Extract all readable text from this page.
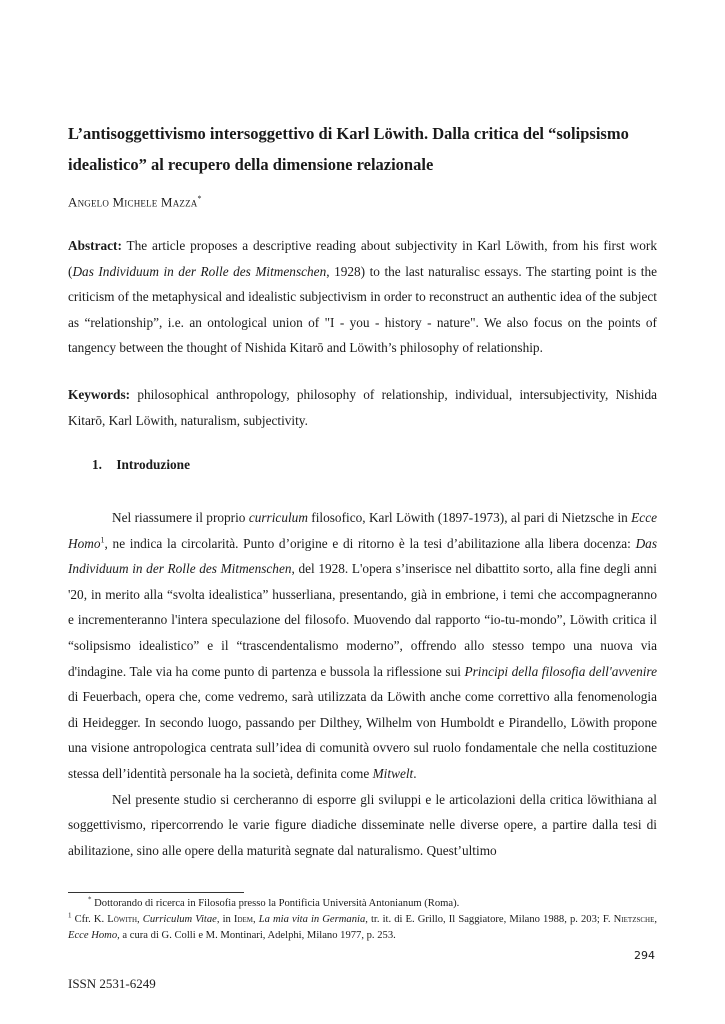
L’antisoggettivismo intersoggettivo di Karl Löwith. Dalla critica del “solipsismo idealistico” al recupero della dimensione relazionale
Angelo Michele Mazza*

Abstract: The article proposes a descriptive reading about subjectivity in Karl Löwith, from his first work (Das Individuum in der Rolle des Mitmenschen, 1928) to the last naturalisc essays. The starting point is the criticism of the metaphysical and idealistic subjectivism in order to reconstruct an authentic idea of the subject as “relationship”, i.e. an ontological union of "I - you - history - nature". We also focus on the points of tangency between the thought of Nishida Kitarō and Löwith’s philosophy of relationship.

Keywords: philosophical anthropology, philosophy of relationship, individual, intersubjectivity, Nishida Kitarō, Karl Löwith, naturalism, subjectivity.

1. Introduzione

Nel riassumere il proprio curriculum filosofico, Karl Löwith (1897-1973), al pari di Nietzsche in Ecce Homo$^1$, ne indica la circolarità. Punto d’origine e di ritorno è la tesi d’abilitazione alla libera docenza: Das Individuum in der Rolle des Mitmenschen, del 1928. L'opera s’inserisce nel dibattito sorto, alla fine degli anni '20, in merito alla “svolta idealistica” husserliana, presentando, già in embrione, i temi che accompagneranno e incrementeranno l'intera speculazione del filosofo. Muovendo dal rapporto “io-tu-mondo”, Löwith critica il “solipsismo idealistico” e il “trascendentalismo moderno”, offrendo allo stesso tempo una nuova via d'indagine. Tale via ha come punto di partenza e bussola la riflessione sui Principi della filosofia dell'avvenire di Feuerbach, opera che, come vedremo, sarà utilizzata da Löwith anche come correttivo alla fenomenologia di Heidegger. In secondo luogo, passando per Dilthey, Wilhelm von Humboldt e Pirandello, Löwith propone una visione antropologica centrata sull’idea di comunità ovvero sul ruolo fondamentale che nella costituzione stessa dell’identità personale ha la società, definita come Mitwelt.

Nel presente studio si cercheranno di esporre gli sviluppi e le articolazioni della critica löwithiana al soggettivismo, ripercorrendo le varie figure diadiche disseminate nelle diverse opere, a partire dalla tesi di abilitazione, sino alle opere della maturità segnate dal naturalismo. Quest’ultimo

* Dottorando di ricerca in Filosofia presso la Pontificia Università Antonianum (Roma).

$^1$ Cfr. K. Löwith, Curriculum Vitae, in Idem, La mia vita in Germania, tr. it. di E. Grillo, Il Saggiatore, Milano 1988, p. 203; F. Nietzsche, Ecce Homo, a cura di G. Colli e M. Montinari, Adelphi, Milano 1977, p. 253.

294
ISSN 2531-6249
